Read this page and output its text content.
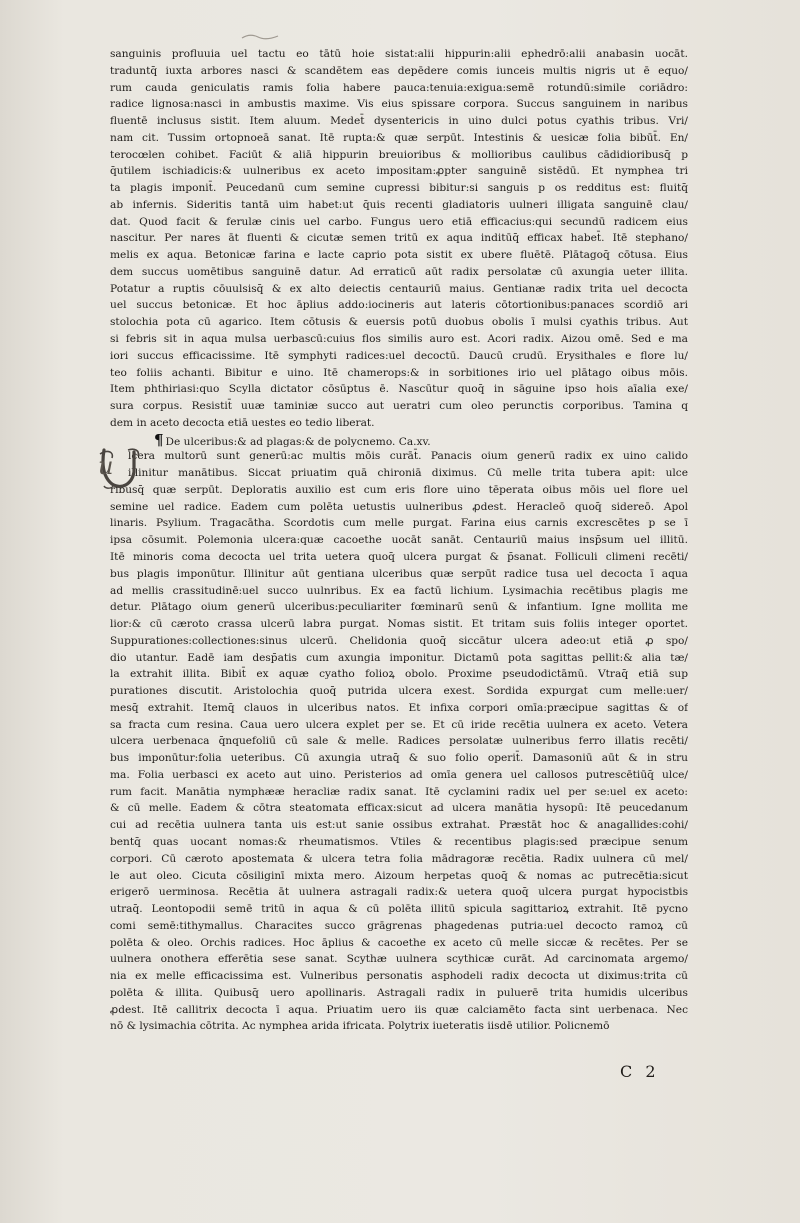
sanguinis profluuia uel tactu eo tātū hoie sistat:alii hippurin:alii ephedrō:alii anabasin uocāt.
traduntq̄ iuxta arbores nasci & scandētem eas depēdere comis iunceis multis nigris ut ē equo/
rum cauda geniculatis ramis folia habere pauca:tenuia:exigua:semē rotundū:simile coriādro:
radice lignosa:nasci in ambustis maxime. Vis eius spissare corpora. Succus sanguinem in naribus
fluentē inclusus sistit. Item aluum. Medet̄ dysentericis in uino dulci potus cyathis tribus. Vri/
nam cit. Tussim ortopnoeā sanat. Itē rupta:& quæ serpūt. Intestinis & uesicæ folia bibūt̄. En/
terocœlen cohibet. Faciūt & aliā hippurin breuioribus & mollioribus caulibus cādidioribusq̄ p
q̄utilem ischiadicis:& uulneribus ex aceto impositam:ꝓpter sanguinē sistēdū. Et nymphea tri
ta plagis imponit̄. Peucedanū cum semine cupressi bibitur:si sanguis p os redditus est: fluitq̄
ab infernis. Sideritis tantā uim habet:ut q̄uis recenti gladiatoris uulneri illigata sanguinē clau/
dat. Quod facit & ferulæ cinis uel carbo. Fungus uero etiā efficacius:qui secundū radicem eius
nascitur. Per nares āt fluenti & cicutæ semen tritū ex aqua inditūq̄ efficax habet̄. Itē stephano/
melis ex aqua. Betonicæ farina e lacte caprio pota sistit ex ubere fluētē. Plātagoq̄ cōtusa. Eius
dem succus uomētibus sanguinē datur. Ad erraticū aūt radix persolatæ cū axungia ueter illita.
Potatur a ruptis cōuulsisq̄ & ex alto deiectis centauriū maius. Gentianæ radix trita uel decocta
uel succus betonicæ. Et hoc āplius addo:iocineris aut lateris cōtortionibus:panaces scordiō ari
stolochia pota cū agarico. Item cōtusis & euersis potū duobus obolis ī mulsi cyathis tribus. Aut
si febris sit in aqua mulsa uerbascū:cuius flos similis auro est. Acori radix. Aizou omē. Sed e ma
iori succus efficacissime. Itē symphyti radices:uel decoctū. Daucū crudū. Erysithales e flore lu/
teo foliis achanti. Bibitur e uino. Itē chamerops:& in sorbitiones irio uel plātago oibus mōis.
Item phthiriasi:quo Scylla dictator cōsūptus ē. Nascūtur quoq̄ in sāguine ipso hois aīalia exe/
sura corpus. Resistit̄ uuæ taminiæ succo aut ueratri cum oleo perunctis corporibus. Tamina q
dem in aceto decocta etiā uestes eo tedio liberat.
¶ De ulceribus:& ad plagas:& de polycnemo. Ca.xv.
lcera multorū sunt generū:ac multis mōis curāt̄. Panacis oium generū radix ex uino calido
illinitur manātibus. Siccat priuatim quā chironiā diximus. Cū melle trita tubera apit: ulce
ribusq̄ quæ serpūt. Deploratis auxilio est cum eris flore uino tēperata oibus mōis uel flore uel
semine uel radice. Eadem cum polēta uetustis uulneribus ꝓdest. Heracleō quoq̄ sidereō. Apol
linaris. Psylium. Tragacātha. Scordotis cum melle purgat. Farina eius carnis excrescētes p se ī
ipsa cōsumit. Polemonia ulcera:quæ cacoethe uocāt sanāt. Centauriū maius insp̄sum uel illitū.
Itē minoris coma decocta uel trita uetera quoq̄ ulcera purgat & p̄sanat. Folliculi climeni recēti/
bus plagis imponūtur. Illinitur aūt gentiana ulceribus quæ serpūt radice tusa uel decocta ī aqua
ad mellis crassitudinē:uel succo uulnribus. Ex ea factū lichium. Lysimachia recētibus plagis me
detur. Plātago oium generū ulceribus:peculiariter fœminarū senū & infantium. Igne mollita me
lior:& cū cæroto crassa ulcerū labra purgat. Nomas sistit. Et tritam suis foliis integer oportet.
Suppurationes:collectiones:sinus ulcerū. Chelidonia quoq̄ siccātur ulcera adeo:ut etiā ꝓ spo/
dio utantur. Eadē iam desp̄atis cum axungia imponitur. Dictamū pota sagittas pellit:& alia tæ/
la extrahit illita. Bibit̄ ex aquæ cyatho folioꝝ obolo. Proxime pseudodictāmū. Vtraq̄ etiā sup
purationes discutit. Aristolochia quoq̄ putrida ulcera exest. Sordida expurgat cum melle:uer/
mesq̄ extrahit. Itemq̄ clauos in ulceribus natos. Et infixa corpori omīa:præcipue sagittas & of
sa fracta cum resina. Caua uero ulcera explet per se. Et cū iride recētia uulnera ex aceto. Vetera
ulcera uerbenaca q̄nquefoliū cū sale & melle. Radices persolatæ uulneribus ferro illatis recēti/
bus imponūtur:folia ueteribus. Cū axungia utraq̄ & suo folio operit̄. Damasoniū aūt & in stru
ma. Folia uerbasci ex aceto aut uino. Peristerios ad omīa genera uel callosos putrescētiūq̄ ulce/
rum facit. Manātia nymphææ heracliæ radix sanat. Itē cyclamini radix uel per se:uel ex aceto:
& cū melle. Eadem & cōtra steatomata efficax:sicut ad ulcera manātia hysopū: Itē peucedanum
cui ad recētia uulnera tanta uis est:ut sanie ossibus extrahat. Præstāt hoc & anagallides:cohi/
bentq̄ quas uocant nomas:& rheumatismos. Vtiles & recentibus plagis:sed præcipue senum
corpori. Cū cæroto apostemata & ulcera tetra folia mādragoræ recētia. Radix uulnera cū mel/
le aut oleo. Cicuta cōsiliginī mixta mero. Aizoum herpetas quoq̄ & nomas ac putrecētia:sicut
erigerō uerminosa. Recētia āt uulnera astragali radix:& uetera quoq̄ ulcera purgat hypocistbis
utraq̄. Leontopodii semē tritū in aqua & cū polēta illitū spicula sagittarioꝝ extrahit. Itē pycno
comi semē:tithymallus. Characites succo grāgrenas phagedenas putria:uel decocto ramoꝝ cū
polēta & oleo. Orchis radices. Hoc āplius & cacoethe ex aceto cū melle siccæ & recētes. Per se
uulnera onothera efferētia sese sanat. Scythæ uulnera scythicæ curāt. Ad carcinomata argemo/
nia ex melle efficacissima est. Vulneribus personatis asphodeli radix decocta ut diximus:trita cū
polēta & illita. Quibusq̄ uero apollinaris. Astragali radix in puluerē trita humidis ulceribus
ꝓdest. Itē callitrix decocta ī aqua. Priuatim uero iis quæ calciamēto facta sint uerbenaca. Nec
nō & lysimachia cōtrita. Ac nymphea arida ifricata. Polytrix iueteratis iisdē utilior. Policnemō
u
C 2
